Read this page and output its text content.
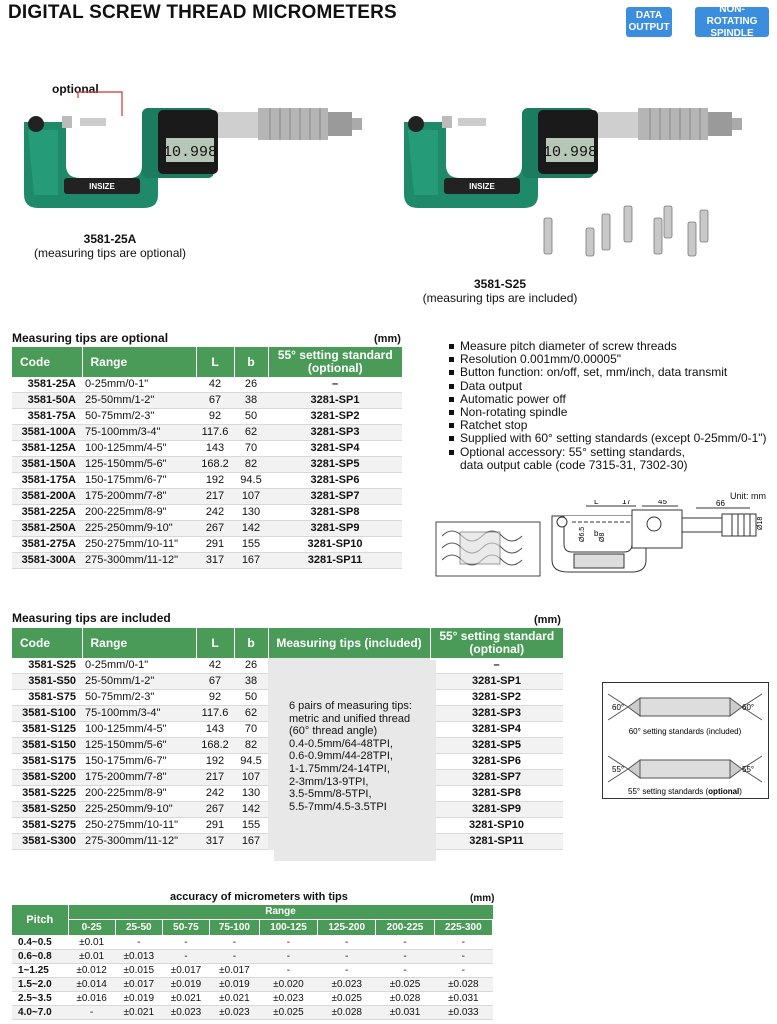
DIGITAL SCREW THREAD MICROMETERS	DATA OUTPUT
NON-ROTATING SPINDLE
optional
INSIZE
10.998
3581-25A
(measuring tips are optional)
INSIZE
10.998
3581-S25
(measuring tips are included)
Measuring tips are optional	(mm)
Code	Range	L	b	55° setting standard (optional)
3581-25A	0-25mm/0-1"	42	26	–
3581-50A	25-50mm/1-2"	67	38	3281-SP1
3581-75A	50-75mm/2-3"	92	50	3281-SP2
3581-100A	75-100mm/3-4"	117.6	62	3281-SP3
3581-125A	100-125mm/4-5"	143	70	3281-SP4
3581-150A	125-150mm/5-6"	168.2	82	3281-SP5
3581-175A	150-175mm/6-7"	192	94.5	3281-SP6
3581-200A	175-200mm/7-8"	217	107	3281-SP7
3581-225A	200-225mm/8-9"	242	130	3281-SP8
3581-250A	225-250mm/9-10"	267	142	3281-SP9
3581-275A	250-275mm/10-11"	291	155	3281-SP10
3581-300A	275-300mm/11-12"	317	167	3281-SP11
Measure pitch diameter of screw threads
Resolution 0.001mm/0.00005"
Button function: on/off, set, mm/inch, data transmit
Data output
Automatic power off
Non-rotating spindle
Ratchet stop
Supplied with 60° setting standards (except 0-25mm/0-1")
Optional accessory: 55° setting standards,
data output cable (code 7315-31, 7302-30)
Unit: mm
L	17	45	66
Ø18
Ø8
Ø6.5 b
Measuring tips are included	(mm)
Code	Range	L	b	Measuring tips (included)	55° setting standard (optional)
3581-S25	0-25mm/0-1"	42	26		–
3581-S50	25-50mm/1-2"	67	38		3281-SP1
3581-S75	50-75mm/2-3"	92	50		3281-SP2
3581-S100	75-100mm/3-4"	117.6	62		3281-SP3
3581-S125	100-125mm/4-5"	143	70		3281-SP4
3581-S150	125-150mm/5-6"	168.2	82		3281-SP5
3581-S175	150-175mm/6-7"	192	94.5		3281-SP6
3581-S200	175-200mm/7-8"	217	107		3281-SP7
3581-S225	200-225mm/8-9"	242	130		3281-SP8
3581-S250	225-250mm/9-10"	267	142		3281-SP9
3581-S275	250-275mm/10-11"	291	155		3281-SP10
3581-S300	275-300mm/11-12"	317	167		3281-SP11
6 pairs of measuring tips:
metric and unified thread
(60° thread angle)
0.4-0.5mm/64-48TPI,
0.6-0.9mm/44-28TPI,
1-1.75mm/24-14TPI,
2-3mm/13-9TPI,
3.5-5mm/8-5TPI,
5.5-7mm/4.5-3.5TPI
60°	60°
60° setting standards (included)
55°	55°
55° setting standards (optional)
accuracy of micrometers with tips	(mm)
Pitch	Range							
	0-25	25-50	50-75	75-100	100-125	125-200	200-225	225-300
0.4~0.5	±0.01	-	-	-	-	-	-	-
0.6~0.8	±0.01	±0.013	-	-	-	-	-	-
1~1.25	±0.012	±0.015	±0.017	±0.017	-	-	-	-
1.5~2.0	±0.014	±0.017	±0.019	±0.019	±0.020	±0.023	±0.025	±0.028
2.5~3.5	±0.016	±0.019	±0.021	±0.021	±0.023	±0.025	±0.028	±0.031
4.0~7.0	-	±0.021	±0.023	±0.023	±0.025	±0.028	±0.031	±0.033
